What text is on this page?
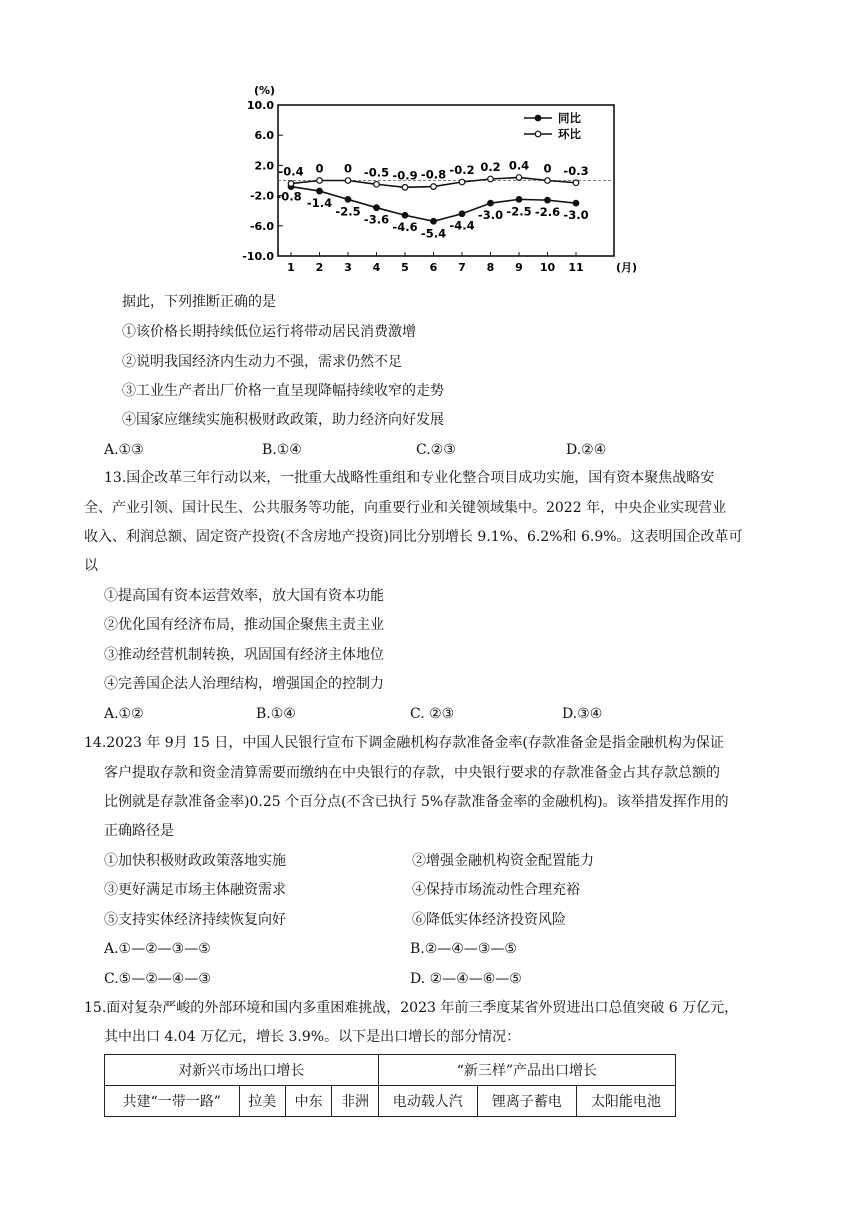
(%)
10.0
6.0
2.0
-2.0
-6.0
-10.0
1 2 3 4 5 6 7 8 9 10 11	(月)
-0.8 -1.4
-2.5
-3.6
-4.6 -5.4
-4.4
-3.0 -2.5 -2.6 -3.0
-0.4 0 0 -0.5 -0.9 -0.8 -0.2 0.2 0.4 0 -0.3
同比
环比
据此，下列推断正确的是
①该价格长期持续低位运行将带动居民消费激增
②说明我国经济内生动力不强，需求仍然不足
③工业生产者出厂价格一直呈现降幅持续收窄的走势
④国家应继续实施积极财政政策，助力经济向好发展
A.①③	B.①④	C.②③	D.②④
13.国企改革三年行动以来，一批重大战略性重组和专业化整合项目成功实施，国有资本聚焦战略安
全、产业引领、国计民生、公共服务等功能，向重要行业和关键领域集中。2022 年，中央企业实现营业
收入、利润总额、固定资产投资(不含房地产投资)同比分别增长 9.1%、6.2%和 6.9%。这表明国企改革可
以
①提高国有资本运营效率，放大国有资本功能
②优化国有经济布局，推动国企聚焦主责主业
③推动经营机制转换，巩固国有经济主体地位
④完善国企法人治理结构，增强国企的控制力
A.①②	B.①④	C. ②③	D.③④
14.2023 年 9月 15 日，中国人民银行宣布下调金融机构存款准备金率(存款准备金是指金融机构为保证
客户提取存款和资金清算需要而缴纳在中央银行的存款，中央银行要求的存款准备金占其存款总额的
比例就是存款准备金率)0.25 个百分点(不含已执行 5%存款准备金率的金融机构)。该举措发挥作用的
正确路径是
①加快积极财政政策落地实施	②增强金融机构资金配置能力
③更好满足市场主体融资需求	④保持市场流动性合理充裕
⑤支持实体经济持续恢复向好	⑥降低实体经济投资风险
A.①—②—③—⑤	B.②—④—③—⑤
C.⑤—②—④—③	D. ②—④—⑥—⑤
15.面对复杂严峻的外部环境和国内多重困难挑战，2023 年前三季度某省外贸进出口总值突破 6 万亿元，
其中出口 4.04 万亿元，增长 3.9%。以下是出口增长的部分情况：
对新兴市场出口增长				“新三样”产品出口增长		
共建“一带一路”	拉美	中东	非洲	电动载人汽	锂离子蓄电	太阳能电池
